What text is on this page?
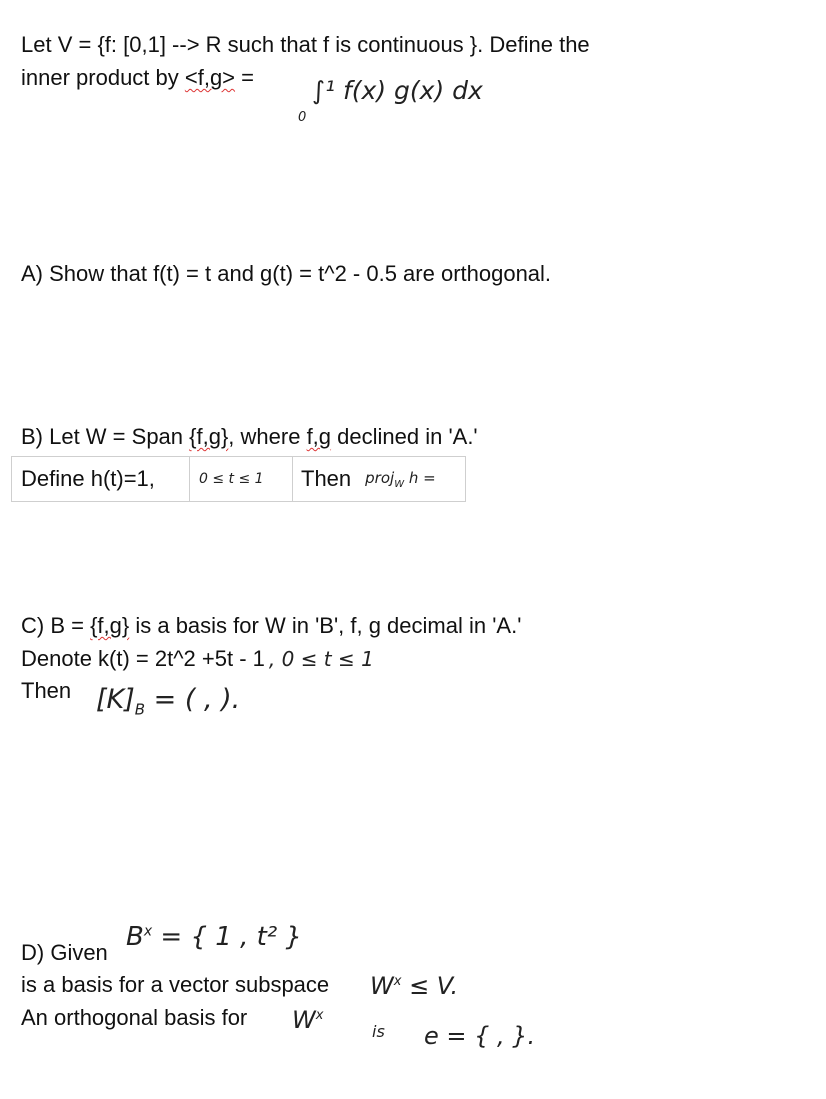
Let V = {f: [0,1] --> R such that f is continuous }. Define the
inner product by <f,g> = ∫¹ f(x) g(x) dx
0
A) Show that f(t) = t and g(t) = t^2 - 0.5 are orthogonal.
B) Let W = Span {f,g}, where f,g declined in 'A.'
Define h(t)=1,	0 ≤ t ≤ 1 Then proj$_W$ h =
C) B = {f,g} is a basis for W in 'B', f, g decimal in 'A.'
Denote k(t) = 2t^2 +5t - 1 , 0 ≤ t ≤ 1
Then $[K]_B$ = ( , ).
D) Given
$B^x$ = { 1 , t² }
is a basis for a vector subspace $W^x \le V$.
An orthogonal basis for $W^x$
is e = { , }.
